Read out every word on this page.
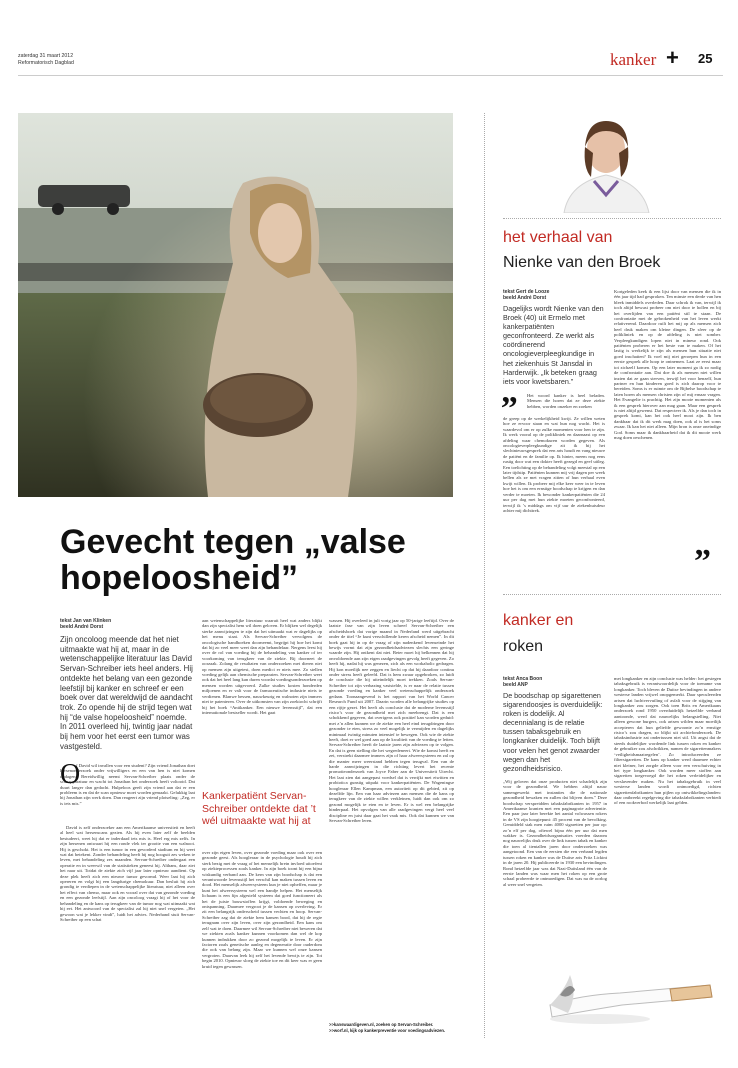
zaterdag 31 maart 2012
Reformatorisch Dagblad	kanker + 25
Gevecht tegen „valse
hopeloosheid”
tekst Jan van Klinken
beeld André Dorst

Zijn oncoloog meende dat het niet uitmaakte wat hij at, maar in de wetenschappelijke literatuur las David Servan-Schreiber iets heel anders. Hij ontdekte het belang van een gezonde leefstijl bij kanker en schreef er een boek over dat wereldwijd de aandacht trok. Zo opende hij de strijd tegen wat hij “de valse hopeloosheid” noemde. In 2011 overleed hij, twintig jaar nadat bij hem voor het eerst een tumor was vastgesteld.

O

f David wil invallen voor een student? Zijn vriend Jonathan doet hersenonderzoek onder vrijwilligers en een van hen is niet komen opdagen. Bereidwillig neemt Servan-Schreiber plaats onder de scanapparatuur en wacht tot Jonathan het onderzoek heeft voltooid. Dat duurt langer dan gedacht. Hulpeloos geeft zijn vriend aan dat er een probleem is en dat de scan opnieuw moet worden gemaakt. Gelukkig laat hij Jonathan zijn werk doen. Dan reageert zijn vriend plotseling: „Zeg, er is iets mis.”

David is zelf onderzoeker aan een Amerikaanse universiteit en heeft al heel wat hersenscans gezien. Als hij even later zelf de beelden bestudeert, weet hij dat er inderdaad iets mis is. Heel erg mis zelfs. In zijn hersenen ontwaart hij een ronde vlek ter grootte van een walnoot. Hij is geschokt. Het is een tumor in een gevorderd stadium en hij weet wat dat betekent. Zonder behandeling heeft hij nog hooguit zes weken te leven, met behandeling zes maanden. Servan-Schreiber ondergaat een operatie en in weerwil van de statistieken geneest hij. Althans, daar ziet het naar uit. Totdat de ziekte zich vijf jaar later opnieuw aandient. Op deze plek heeft zich een nieuwe tumor gevormd. Weer laat hij zich opereren en volgt hij een langdurige chemokuur. Dan besluit hij zich grondig te verdiepen in de wetenschappelijke literatuur, niet alleen over het effect van chemo, maar ook en vooral over dat van gezonde voeding en een gezonde leefstijl. Aan zijn oncoloog vraagt hij of het voor de behandeling en de kans op terugkeer van de tumor nog wat uitmaakt wat hij eet. Het antwoord van de specialist zal hij niet snel vergeten. „Het gewoon wat je lekker vindt”, luidt het advies. Nederhand stuit Servan-Schreiber op een schat

aan wetenschappelijke literatuur waaruit heel wat anders blijkt dan zijn specialist hem wil doen geloven. Er blijken wel degelijk sterke aanwijzingen te zijn dat het uitmaakt wat er dagelijks op het menu staat. Als Servan-Schreiber vervolgens de oncologische handboeken doorneemt, begrijpt hij hoe het komt dat hij zo veel meer weet dan zijn behandelaar. Nergens leest hij over de rol van voeding bij de behandeling van kanker of ter voorkoming van terugkeer van de ziekte. Bij doorneet de oorzaak. Zolang de resultaten van onderzoeken met dieren niet op mensen zijn uitgetest, doen medici er niets mee. Zo stellen voeding gelijk aan chemische preparaten. Servan-Schreiber weet ook dat het heel lang kan duren voordat voedingsonderzoeken op mensen worden uitgevoerd. Zulke studies kosten honderden miljoenen en er valt voor de farmaceutische industrie niets te verdienen. Blanwe bessen, nauwkeurig en walnoten zijn immers niet te patenteren. Over de uitkomsten van zijn zoektocht schrijft hij het boek “Antikanker. Een nieuwe levensstijl”, dat een internationale bestseller wordt. Het gaat

Kankerpatiënt Servan-Schreiber ontdekte dat ’t wél uitmaakte wat hij at

over zijn eigen leven, over gezonde voeding maar ook over een gezonde geest. Als hoogleraar in de psychologie houdt hij zich sterk bezig met de vraag of het menselijk brein invloed uitoefent op ziekteprocessen zoals kanker. In zijn boek toont hij een bijna wiskundig verband aan. De kern van zijn boodschap is dat een verantwoorde levensstijl het verschil kan maken tussen leven en dood. Het menselijk afweersysteem kun je niet opheffen, maar je kunt het afweersysteem wel een handje helpen. Het menselijk lichaam is een fijn afgesteld systeem dat goed functioneert als het de juiste bouwstoffen krijgt, voldoende beweging en ontspanning. Daarmee vergroot je de kansen op overleving. Er zit een belangrijk onderscheid tussen vechten en hoop. Servan-Schreiber zag dat de ziekte hem kansen bood, dat hij de regie terugnam over zijn leven, over zijn gezondheid. Een kans om zelf wat te doen. Daarmee wil Servan-Schreiber niet beweren dat we ziekten zoals kanker kunnen voorkomen dan wel de kop kunnen indrukken door zo gezond mogelijk te leven. Er zijn factoren zoals genetische aanleg en degeneratie door ouderdom die ook van belang zijn. Maar we kunnen wel onze kansen vergroten. Daarvan leek hij zelf het levende bewijs te zijn. Tot begin 2010. Opnieuw sloeg de ziekte toe en dit keer was er geen kruid tegen gewassen.

wassen. Hij overleed in juli vorig jaar op 50-jarige leeftijd. Over de laatste fase van zijn leven schreef Servan-Schreiber een afscheidsboek dat vorige maand in Nederland werd uitgebracht onder de titel “Je kunt verschillende keren afscheid nemen”. In dit boek gaat hij in op de vraag of zijn nadenkend levenseinde het bewijs vormt dat zijn gezondheidsadviezen slechts een geringe waarde zijn. Hij ontkent dat niet. Beter moet hij belkennen dat hij onvoldoende aan zijn eigen raadgevingen gevolg heeft gegeven. Zo heeft hij, nadat hij was genezen, zich als een workaholic gedragen. Hij kon moeilijk nee zeggen en liecht op dat hij daardoor continu onder stress heeft geleefd. Dat is hem zwaar opgebroken, zo luidt de conclusie die hij uiteindelijk moet trekken. Zoals Servan-Schreiber tot zijn verbazing vaststelde, is er naar de relatie tussen gezonde voeding en kanker veel wetenschappelijk onderzoek gedaan. Toonaangevend is het rapport van het World Cancer Research Fund uit 2007. Daarin worden alle belangrijke studies op een rijtje gezet. Het heeft als conclusie dat de moderne levensstijl risico’s voor de gezondheid met zich meebrengt. Dat is een schokkend gegeven, dat overigens ook positief kan worden geduid: met z’n allen kunnen we de ziekte een heel eind terugdringen door gezonder te eten, stress zo veel mogelijk te vermijden en dagelijks minimaal twintig minuten intensief te bewegen. Ook wie de ziekte heeft, doet er wel goed aan op de kwaliteit van de voeding te letten. Servan-Schreiber heeft de laatste jaren zijn adviezen op te volgen. En dat is geen stelling die het wegredeneert. Wie de komst heeft en zet, verstrekt daarmee immers zijn of haar afweersysteem en zal op die manier meer weerstand hebben tegen terugval. Een van de harde aanwijzingen in die richting levert het recente promotieonderzoek van Joyce Faber aan de Universiteit Utrecht. Het laat zien dat aangepast voedsel dat is verrijkt met eiwitten en probiotica gunstig uitpakt voor kankerpatiënten. De Wageningse hoogleraar Ellen Kampman, een autoriteit op dit gebied, zit op dezelfde lijn. Een van haar adviezen aan mensen die de kans op terugkeer van de ziekte willen verkleinen, luidt dan ook om zo gezond mogelijk te eten en te leven. Er is wel een belangrijke hinderpaal. Het opvolgen van alle raadgevingen vergt heel veel discipline en juist daar gaat het vaak mis. Ook dat kunnen we van Servan-Schreiber leren.

>>kanswaardigeven.nl, zoeken op Servan-Schreiber.
>>worf.nl, kijk op kankerpreventie voor voedingsadviezen.
het verhaal van
Nienke van den Broek
tekst Gert de Looze
beeld André Dorst

Dagelijks wordt Nienke van den Broek (40) uit Ermelo met kankerpatiënten geconfronteerd. Ze werkt als coördinerend oncologieverpleegkundige in het ziekenhuis St Jansdal in Harderwijk. „Ik beteken graag iets voor kwetsbaren.”

„	Het woord kanker is heel beladen. Mensen die horen dat ze deze ziekte hebben, worden onzeker en zoeken

de greep op de werkelijkheid kwijt. Ze willen weten hoe ze ervoor staan en wat hun nog wacht. Het is waardevol om er op zulke momenten voor hen te zijn. Ik werk vooral op de polikliniek en daarnaast op een afdeling waar chemokuren worden gegeven. Als oncologieverpleegkundige zit ik bij het slechtnieuwsgesprek dat een arts houdt en vang nieuwe de patiënt en de familie op. Ik hinter, meem nog eens rustig door wat een dokter heeft gezegd en geef uitleg. Een toelichting op de behandeling volgt meestal op een later tijdstip. Patiënten kunnen mij vrij dagen per week bellen als ze met vragen zitten of hun verhaal even kwijt willen. Ik probeer mij elke keer weer in te leven hoe het is om een ernstige boodschap te krijgen en dan verder te moeten. Ik bewonder kankerpatiënten die 24 uur per dag met hun ziekte moeten geconfronteerd, terwijl ik ’s middags om vijf uur de ziekenhuisdeur achter mij dichttrek.

Kortgeleden keek ik een lijst door van mensen die ik in één jaar tijd had gesproken. Ten minste een derde van hen bleek inmiddels overleden. Daar schrok ik van, terwijl ik toch altijd bewust probeer om niet door te hollen en bij het overlijden van een patiënt stil te staan. De confrontatie met de gebrokenheid van het leven werkt relativerend. Daardoor ruilt het mij op als mensen zich heel druk maken om kleine dingen. De sfeer op de polikliniek en op de afdeling is niet somber. Verpleegkundigen lopen niet in mineur rond. Ook patiënten proberen er het beste van te maken. Of het lastig is werkelijk te zijn als mensen hun situatie niet goed inschatten? Ik voel mij niet geroepen hun in een eerste gesprek alle hoop te ontnemen. Laat ze eerst maar tot zichzelf komen. Op een later moment ga ik zo nodig de confrontatie aan. Dat doe ik als mensen niet willen inzien dat ze gaan sterven, terwijl het voor henzelf, hun partner en hun kinderen goed is zich daarop voor te bereiden. Soms is er ruimte om de Bijbelse boodschap te laten horen als mensen christen zijn of mij ernaar vragen. Het Evangelie is prachtig. Het zijn mooie momenten als ik een gesprek hierover aan mag gaan. Maar een gesprek is niet altijd gewenst. Dat respecteer ik. Als je dan toch in gesprek komt, kan het ook heel mooi zijn. Ik ben dankbaar dat ik dit werk mag doen, ook al is het soms zwaar. Ik kan het niet alleen. Mijn bron is onze oneindige God. Soms maar ik dankbaarheid dat ik dit mooie werk mag doen oeschenen.

”
kanker en
roken
tekst Anca Boon
beeld ANP

De boodschap op sigarettenen sigarendoosjes is overduidelijk: roken is dodelijk. Al decennialang is de relatie tussen tabaksgebruik en longkanker duidelijk. Toch blijft voor velen het genot zwaarder wegen dan het gezondheidsrisico.

„Wij geloven dat onze producten niet schadelijk zijn voor de gezondheid. We hebben altijd nauw samengewerkt met instanties die de nationale gezondheid bewaken en zullen dat blijven doen.” Deze boodschap verspreidden tabaksfabrikanten in 1957 in Amerikaanse kranten met een paginagrote advertentie. Een paar jaar later berekte het aantal volwassen rokers in de VS zijn hoogtepunt: 45 procent van de bevolking. Gemiddeld stak men ruim 4000 sigaretten per jaar op: zo’n elf per dag, oftewel bijna één per uur dat men wakker is. Gezondheidsorganisaties voerden daarom nog nauwelijks druk over de link tussen tabak en kanker die toen al tientallen jaren door onderzoeken was aangetoond. Een van de eersten die een verband legden tussen roken en kanker was de Duitse arts Fritz Lickint in de jaren 20. Hij publiceerde in 1930 een bevindingen. Rond hetzelfde jaar was dat Nazi-Duitsland één van de eerste landen was waar men het roken op een grote schaal probeerde te ontmoedigen. Dat was na de oorlog al weer snel vergeten.

met longkanker en zijn conclusie was helder: het gestegen tabaksgebruik is verantwoordelijk voor de toename van longkanker. Toch bleven de Duitse bevindingen in andere westerse landen vrijwel onopgemerkt. Daar speculeerden artsen dat luchtvervuiling of asfalt voor de stijging van longkanker zou zorgen. Ook toen Brits en Amerikaans onderzoek rond 1950 overduidelijk hetzelfde verband aantoonde, werd dat nauwelijks belangstelling. Niet alleen gewone burgers, ook artsen wilden maar moeilijk accepteren dat hun geliefde gewoonte zo’n ernstige risico’s zou dragen, zo blijkt uit archiefonderzoek. De tabaksindustrie zat ondertussen niet stil. Uit angst dat de steeds duidelijker wordende link tussen roken en kanker de gebruiker zou afschrikken, namen de sigarettenmakers ‘veiligheidsmaatregelen’. Zo introduceerden ze filtersigaretten. De kans op kanker werd daarmee echter niet kleiner, het zorgde alleen voor een verschuiving in het type longkanker. Ook worden meer stoffen aan sigaretten toegevoegd die het roken verleidelijker en verslavender maken. Nu het tabaksgebruik in veel westerse landen wordt ontmoedigd, richten sigarettenfabrikanten hun pijlen op ontwikkelingslanden: daar ontbreekt regelgeving die tabaksfabrikanten verbiedt of een rookverbod werkelijk laat gelden.
